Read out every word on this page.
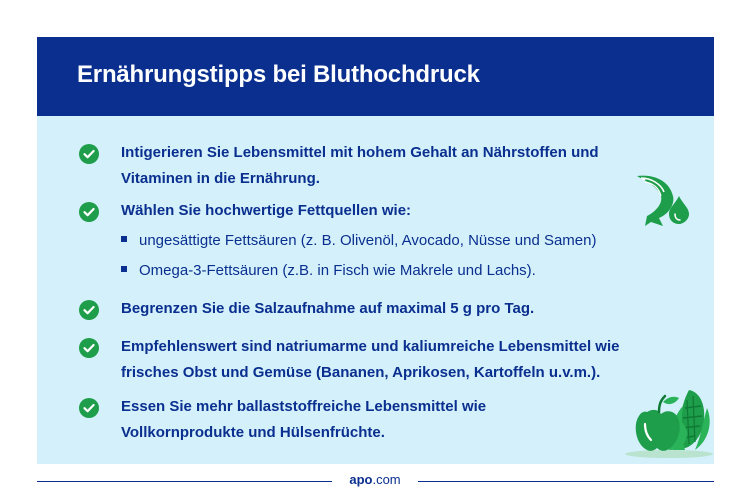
Ernährungstipps bei Bluthochdruck
Intigerieren Sie Lebensmittel mit hohem Gehalt an Nährstoffen und Vitaminen in die Ernährung.
Wählen Sie hochwertige Fettquellen wie:
ungesättigte Fettsäuren (z. B. Olivenöl, Avocado, Nüsse und Samen)
Omega-3-Fettsäuren (z.B. in Fisch wie Makrele und Lachs).
Begrenzen Sie die Salzaufnahme auf maximal 5 g pro Tag.
Empfehlenswert sind natriumarme und kaliumreiche Lebensmittel wie frisches Obst und Gemüse (Bananen, Aprikosen, Kartoffeln u.v.m.).
Essen Sie mehr ballaststoffreiche Lebensmittel wie Vollkornprodukte und Hülsenfrüchte.
apo.com
